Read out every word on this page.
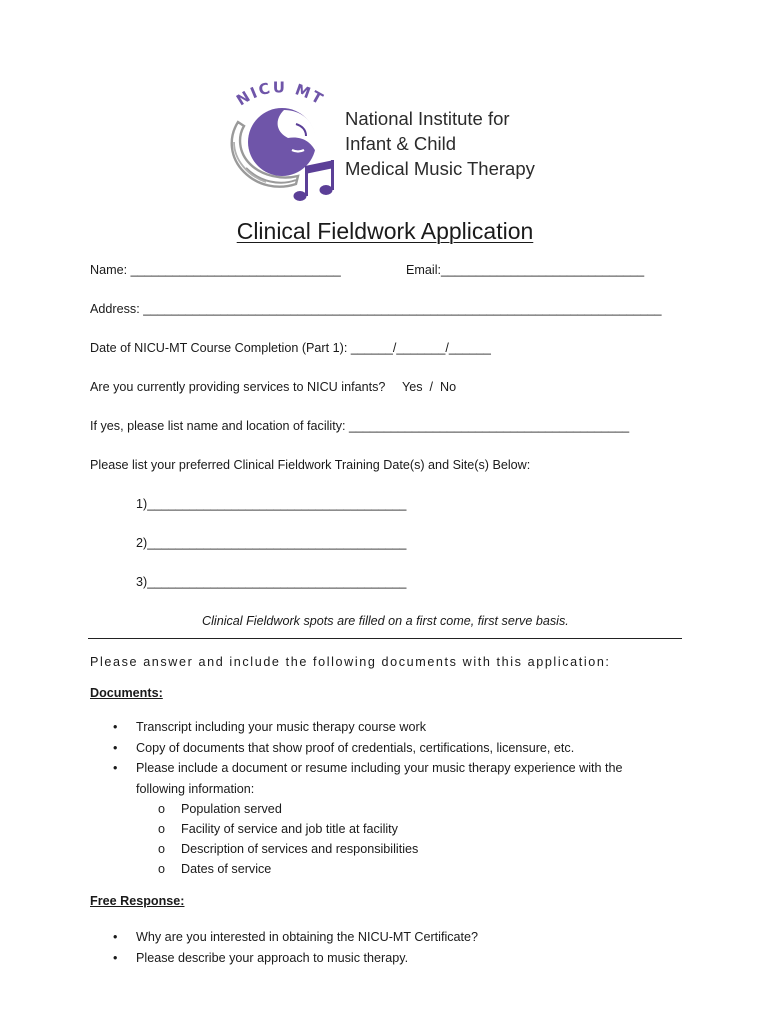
NICU MT
National Institute for
Infant & Child
Medical Music Therapy
Clinical Fieldwork Application
Name: ______________________________	Email:_____________________________
Address: __________________________________________________________________________
Date of NICU-MT Course Completion (Part 1): ______/_______/______
Are you currently providing services to NICU infants? Yes  /  No
If yes, please list name and location of facility: ________________________________________
Please list your preferred Clinical Fieldwork Training Date(s) and Site(s) Below:
1)_____________________________________
2)_____________________________________
3)_____________________________________
Clinical Fieldwork spots are filled on a first come, first serve basis.
Please answer and include the following documents with this application:
Documents:
• Transcript including your music therapy course work
• Copy of documents that show proof of credentials, certifications, licensure, etc.
• Please include a document or resume including your music therapy experience with the
following information:
o Population served
o Facility of service and job title at facility
o Description of services and responsibilities
o Dates of service
Free Response:
• Why are you interested in obtaining the NICU-MT Certificate?
• Please describe your approach to music therapy.
